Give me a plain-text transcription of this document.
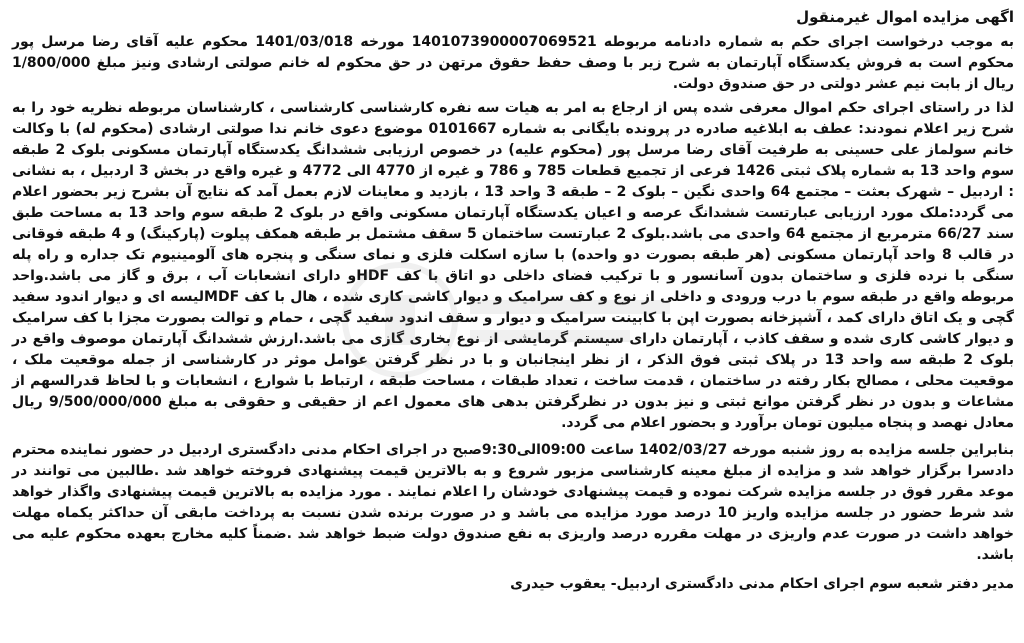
اگهی مزایده اموال غیرمنقول
به موجب درخواست اجرای حکم به شماره دادنامه مربوطه 140107390000706952‌1 مورخه 1401/03/018 محکوم علیه آقای رضا مرسل پور محکوم است به فروش یکدستگاه آپارتمان به شرح زیر با وصف حفظ حقوق مرتهن در حق محکوم له خانم صولتی ارشادی ونیز مبلغ 1/800/000 ریال از بابت نیم عشر دولتی در حق صندوق دولت.
لذا در راستای اجرای حکم اموال معرفی شده پس از ارجاع به امر به هیات سه نفره کارشناسی کارشناسی ، کارشناسان مربوطه نظریه خود را به شرح زیر اعلام نمودند: عطف به ابلاغیه صادره در پرونده بایگانی به شماره 0101667 موضوع دعوی خانم ندا صولتی ارشادی (محکوم له) با وکالت خانم سولماز علی حسینی به طرفیت آقای رضا مرسل پور (محکوم علیه) در خصوص ارزیابی ششدانگ یکدستگاه آپارتمان مسکونی بلوک 2 طبقه سوم واحد 13 به شماره پلاک ثبتی 1426 فرعی از تجمیع قطعات 785 و 786 و غیره از 4770 الی 4772 و غیره واقع در بخش 3 اردبیل ، به نشانی : اردبیل – شهرک بعثت – مجتمع 64 واحدی نگین – بلوک 2 – طبقه 3 واحد 13 ، بازدید و معاینات لازم بعمل آمد که نتایج آن بشرح زیر بحضور اعلام می گردد:ملک مورد ارزیابی عبارتست ششدانگ عرصه و اعیان یکدستگاه آپارتمان مسکونی واقع در بلوک 2 طبقه سوم واحد 13 به مساحت طبق سند 66/27 مترمربع از مجتمع 64 واحدی می باشد.بلوک 2 عبارتست ساختمان 5 سقف مشتمل بر طبقه همکف پیلوت (پارکینگ) و 4 طبقه فوقانی در قالب 8 واحد آپارتمان مسکونی (هر طبقه بصورت دو واحده) با سازه اسکلت فلزی و نمای سنگی و پنجره های آلومینیوم تک جداره و راه پله سنگی با نرده فلزی و ساختمان بدون آسانسور و با ترکیب فضای داخلی دو اتاق با کف HDFو دارای انشعابات آب ، برق و گاز می باشد.واحد مربوطه واقع در طبقه سوم با درب ورودی و داخلی از نوع و کف سرامیک و دیوار کاشی کاری شده ، هال با کف MDFلیسه ای و دیوار اندود سفید گچی و یک اتاق دارای کمد ، آشپزخانه بصورت اپن با کابینت سرامیک و دیوار و سقف اندود سفید گچی ، حمام و توالت بصورت مجزا با کف سرامیک و دیوار کاشی کاری شده و سقف کاذب ، آپارتمان دارای سیستم گرمایشی از نوع بخاری گازی می باشد.ارزش ششدانگ آپارتمان موصوف واقع در بلوک 2 طبقه سه واحد 13 در پلاک ثبتی فوق الذکر ، از نظر اینجانبان و با در نظر گرفتن عوامل موثر در کارشناسی از جمله موقعیت ملک ، موقعیت محلی ، مصالح بکار رفته در ساختمان ، قدمت ساخت ، تعداد طبقات ، مساحت طبقه ، ارتباط با شوارع ، انشعابات و با لحاظ قدرالسهم از مشاعات و بدون در نظر گرفتن موانع ثبتی و نیز بدون در نظرگرفتن بدهی های معمول اعم از حقیقی و حقوقی به مبلغ 9/500/000/000 ریال معادل نهصد و پنجاه میلیون تومان برآورد و بحضور اعلام می گردد.
بنابراین جلسه مزایده به روز شنبه مورخه 1402/03/27 ساعت 09:00الی9:30صبح در اجرای احکام مدنی دادگستری اردبیل در حضور نماینده محترم دادسرا برگزار خواهد شد و مزایده از مبلغ معینه کارشناسی مزبور شروع و به بالاترین قیمت پیشنهادی فروخته خواهد شد .طالبین می توانند در موعد مقرر فوق در جلسه مزایده شرکت نموده و قیمت پیشنهادی خودشان را اعلام نمایند . مورد مزایده به بالاترین قیمت پیشنهادی واگذار خواهد شد شرط حضور در جلسه مزایده واریز 10 درصد مورد مزایده می باشد و در صورت برنده شدن نسبت به پرداخت مابقی آن حداکثر یکماه مهلت خواهد داشت در صورت عدم واریزی در مهلت مقرره درصد واریزی به نفع صندوق دولت ضبط خواهد شد .ضمناً کلیه مخارج بعهده محکوم علیه می باشد.
مدیر دفتر شعبه سوم اجرای احکام مدنی دادگستری اردبیل- یعقوب حیدری
